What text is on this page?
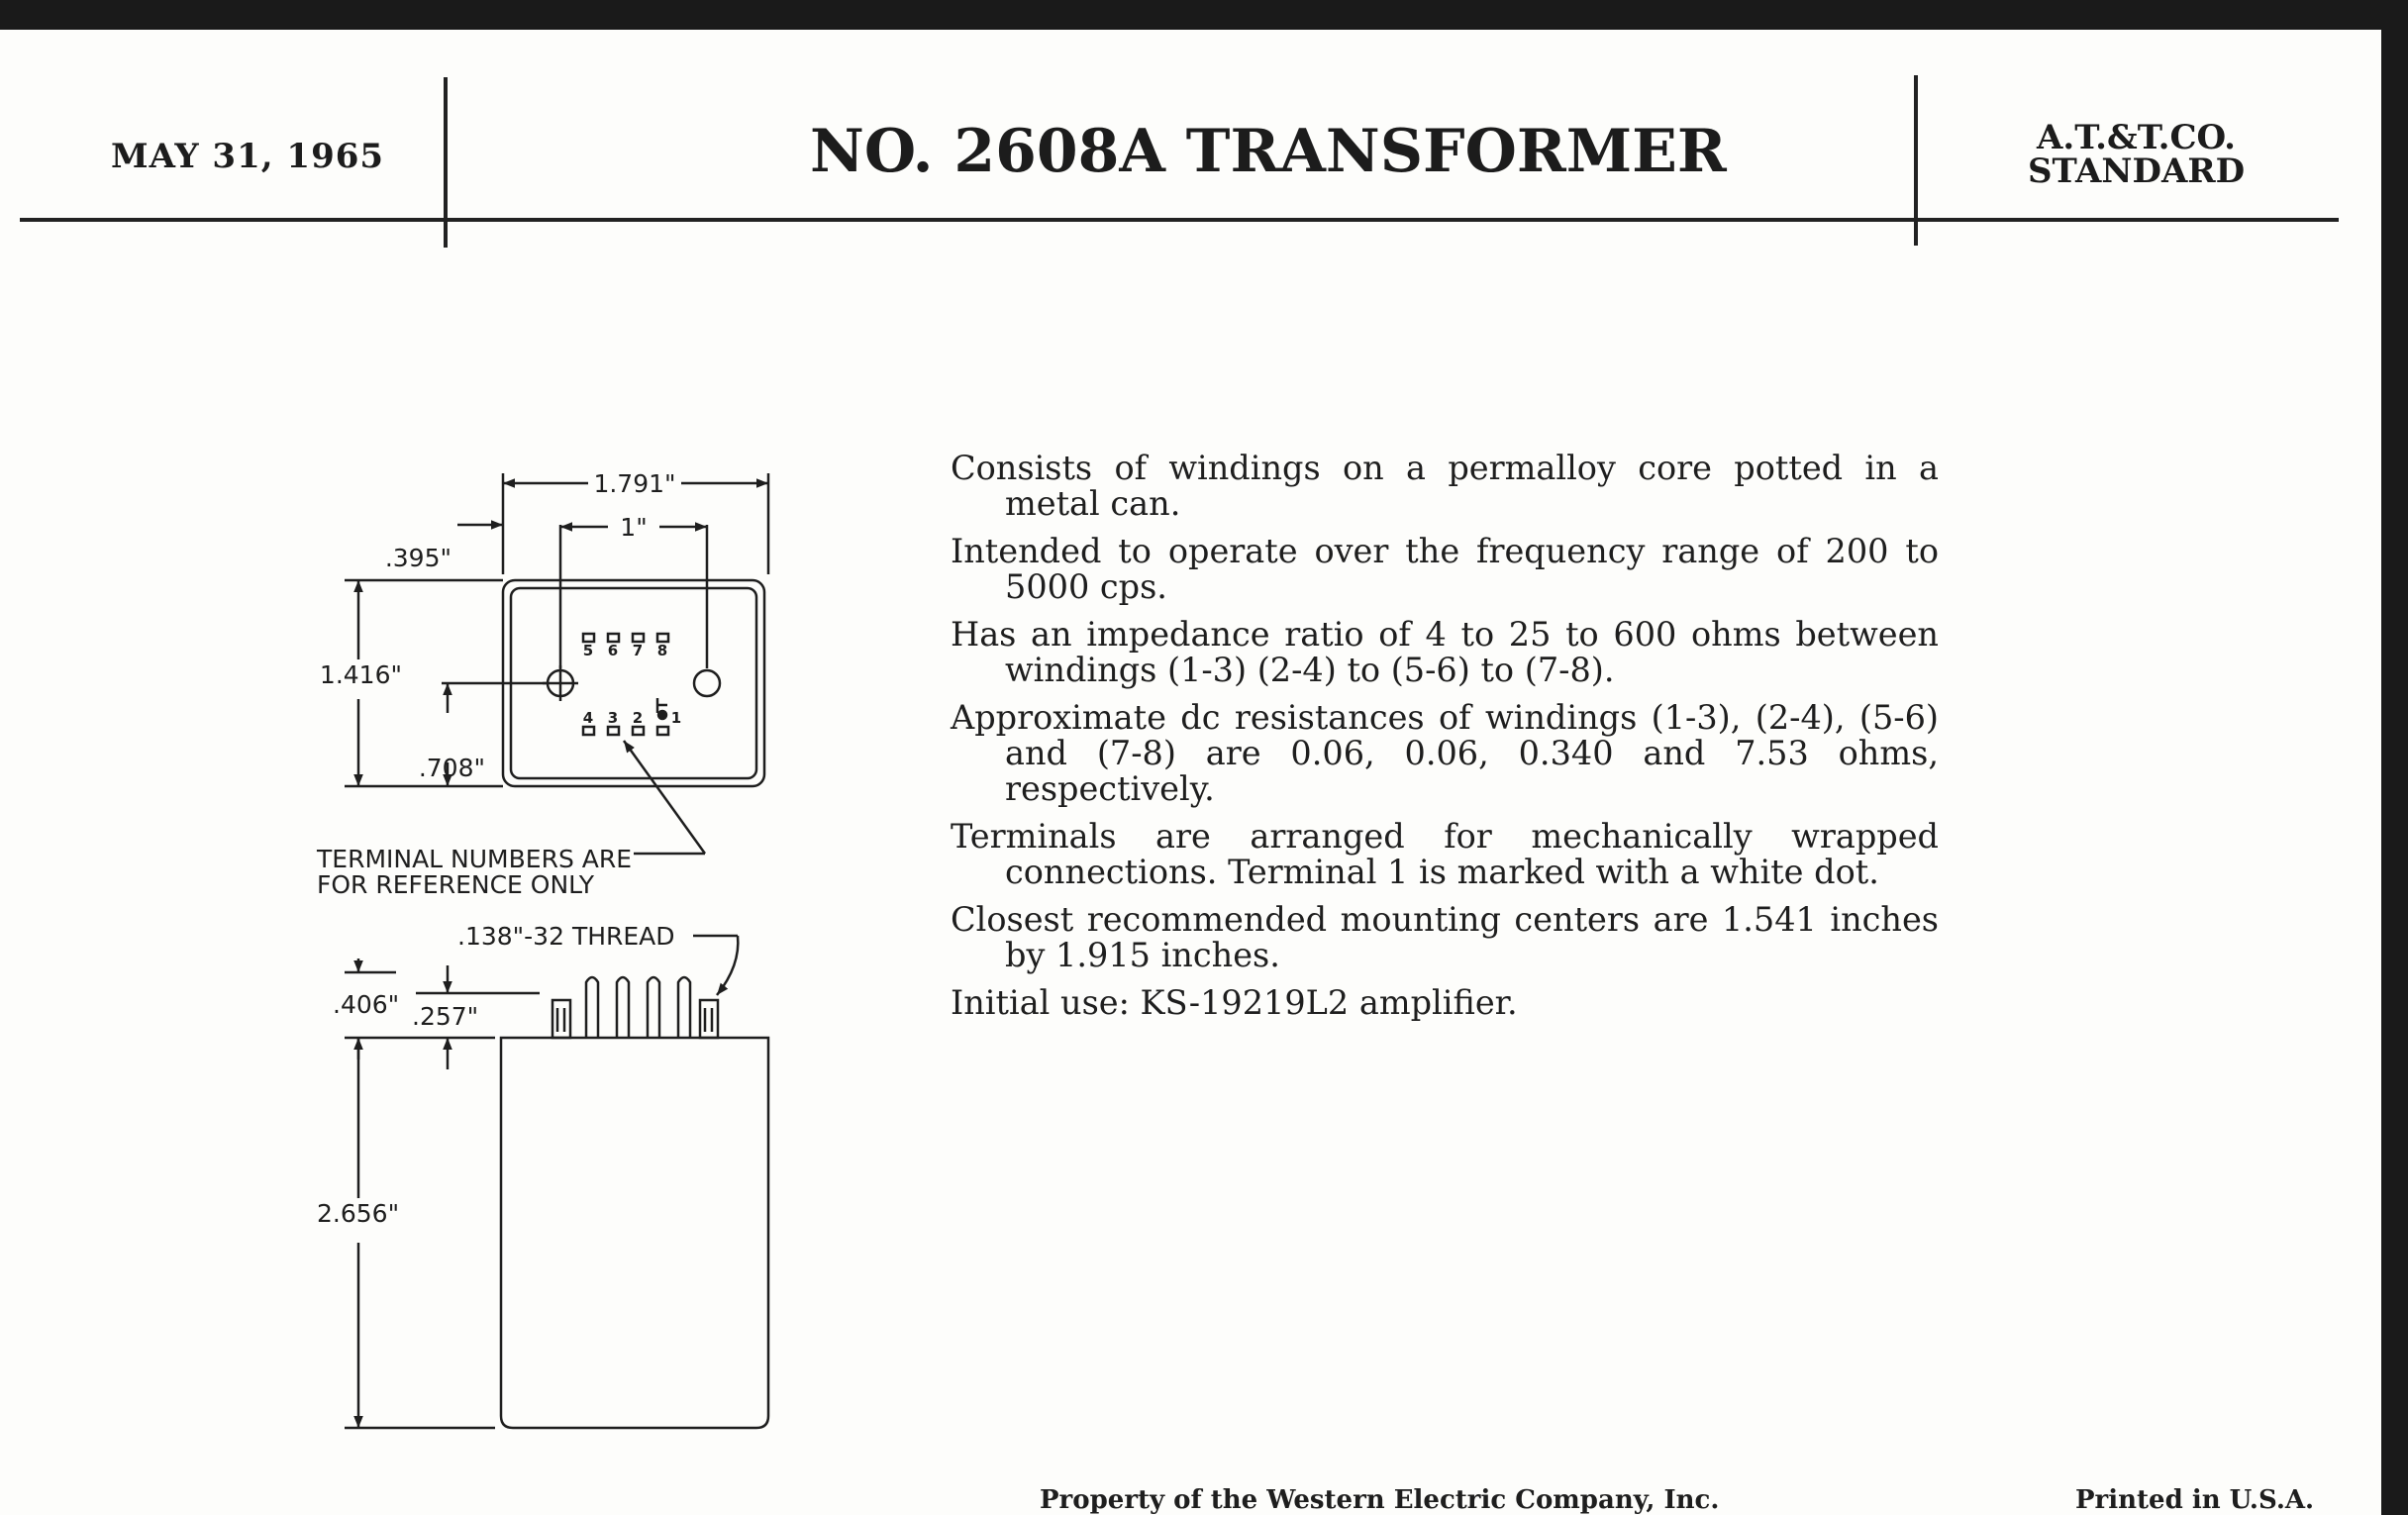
MAY 31, 1965	NO. 2608A TRANSFORMER	A.T.&T.CO.
STANDARD
1.791"
1"
.395"
1.416"
.708"
5 6 7 8
4 3 2 1
TERMINAL NUMBERS ARE
FOR REFERENCE ONLY
.138"-32 THREAD
.406" .257"
2.656"

Consists of windings on a permalloy core potted in a metal can.

Intended to operate over the frequency range of 200 to 5000 cps.

Has an impedance ratio of 4 to 25 to 600 ohms between windings (1-3) (2-4) to (5-6) to (7-8).

Approximate dc resistances of windings (1-3), (2-4), (5-6) and (7-8) are 0.06, 0.06, 0.340 and 7.53 ohms, respectively.

Terminals are arranged for mechanically wrapped connections. Terminal 1 is marked with a white dot.

Closest recommended mounting centers are 1.541 inches by 1.915 inches.

Initial use: KS-19219L2 amplifier.

Property of the Western Electric Company, Inc.	Printed in U.S.A.
